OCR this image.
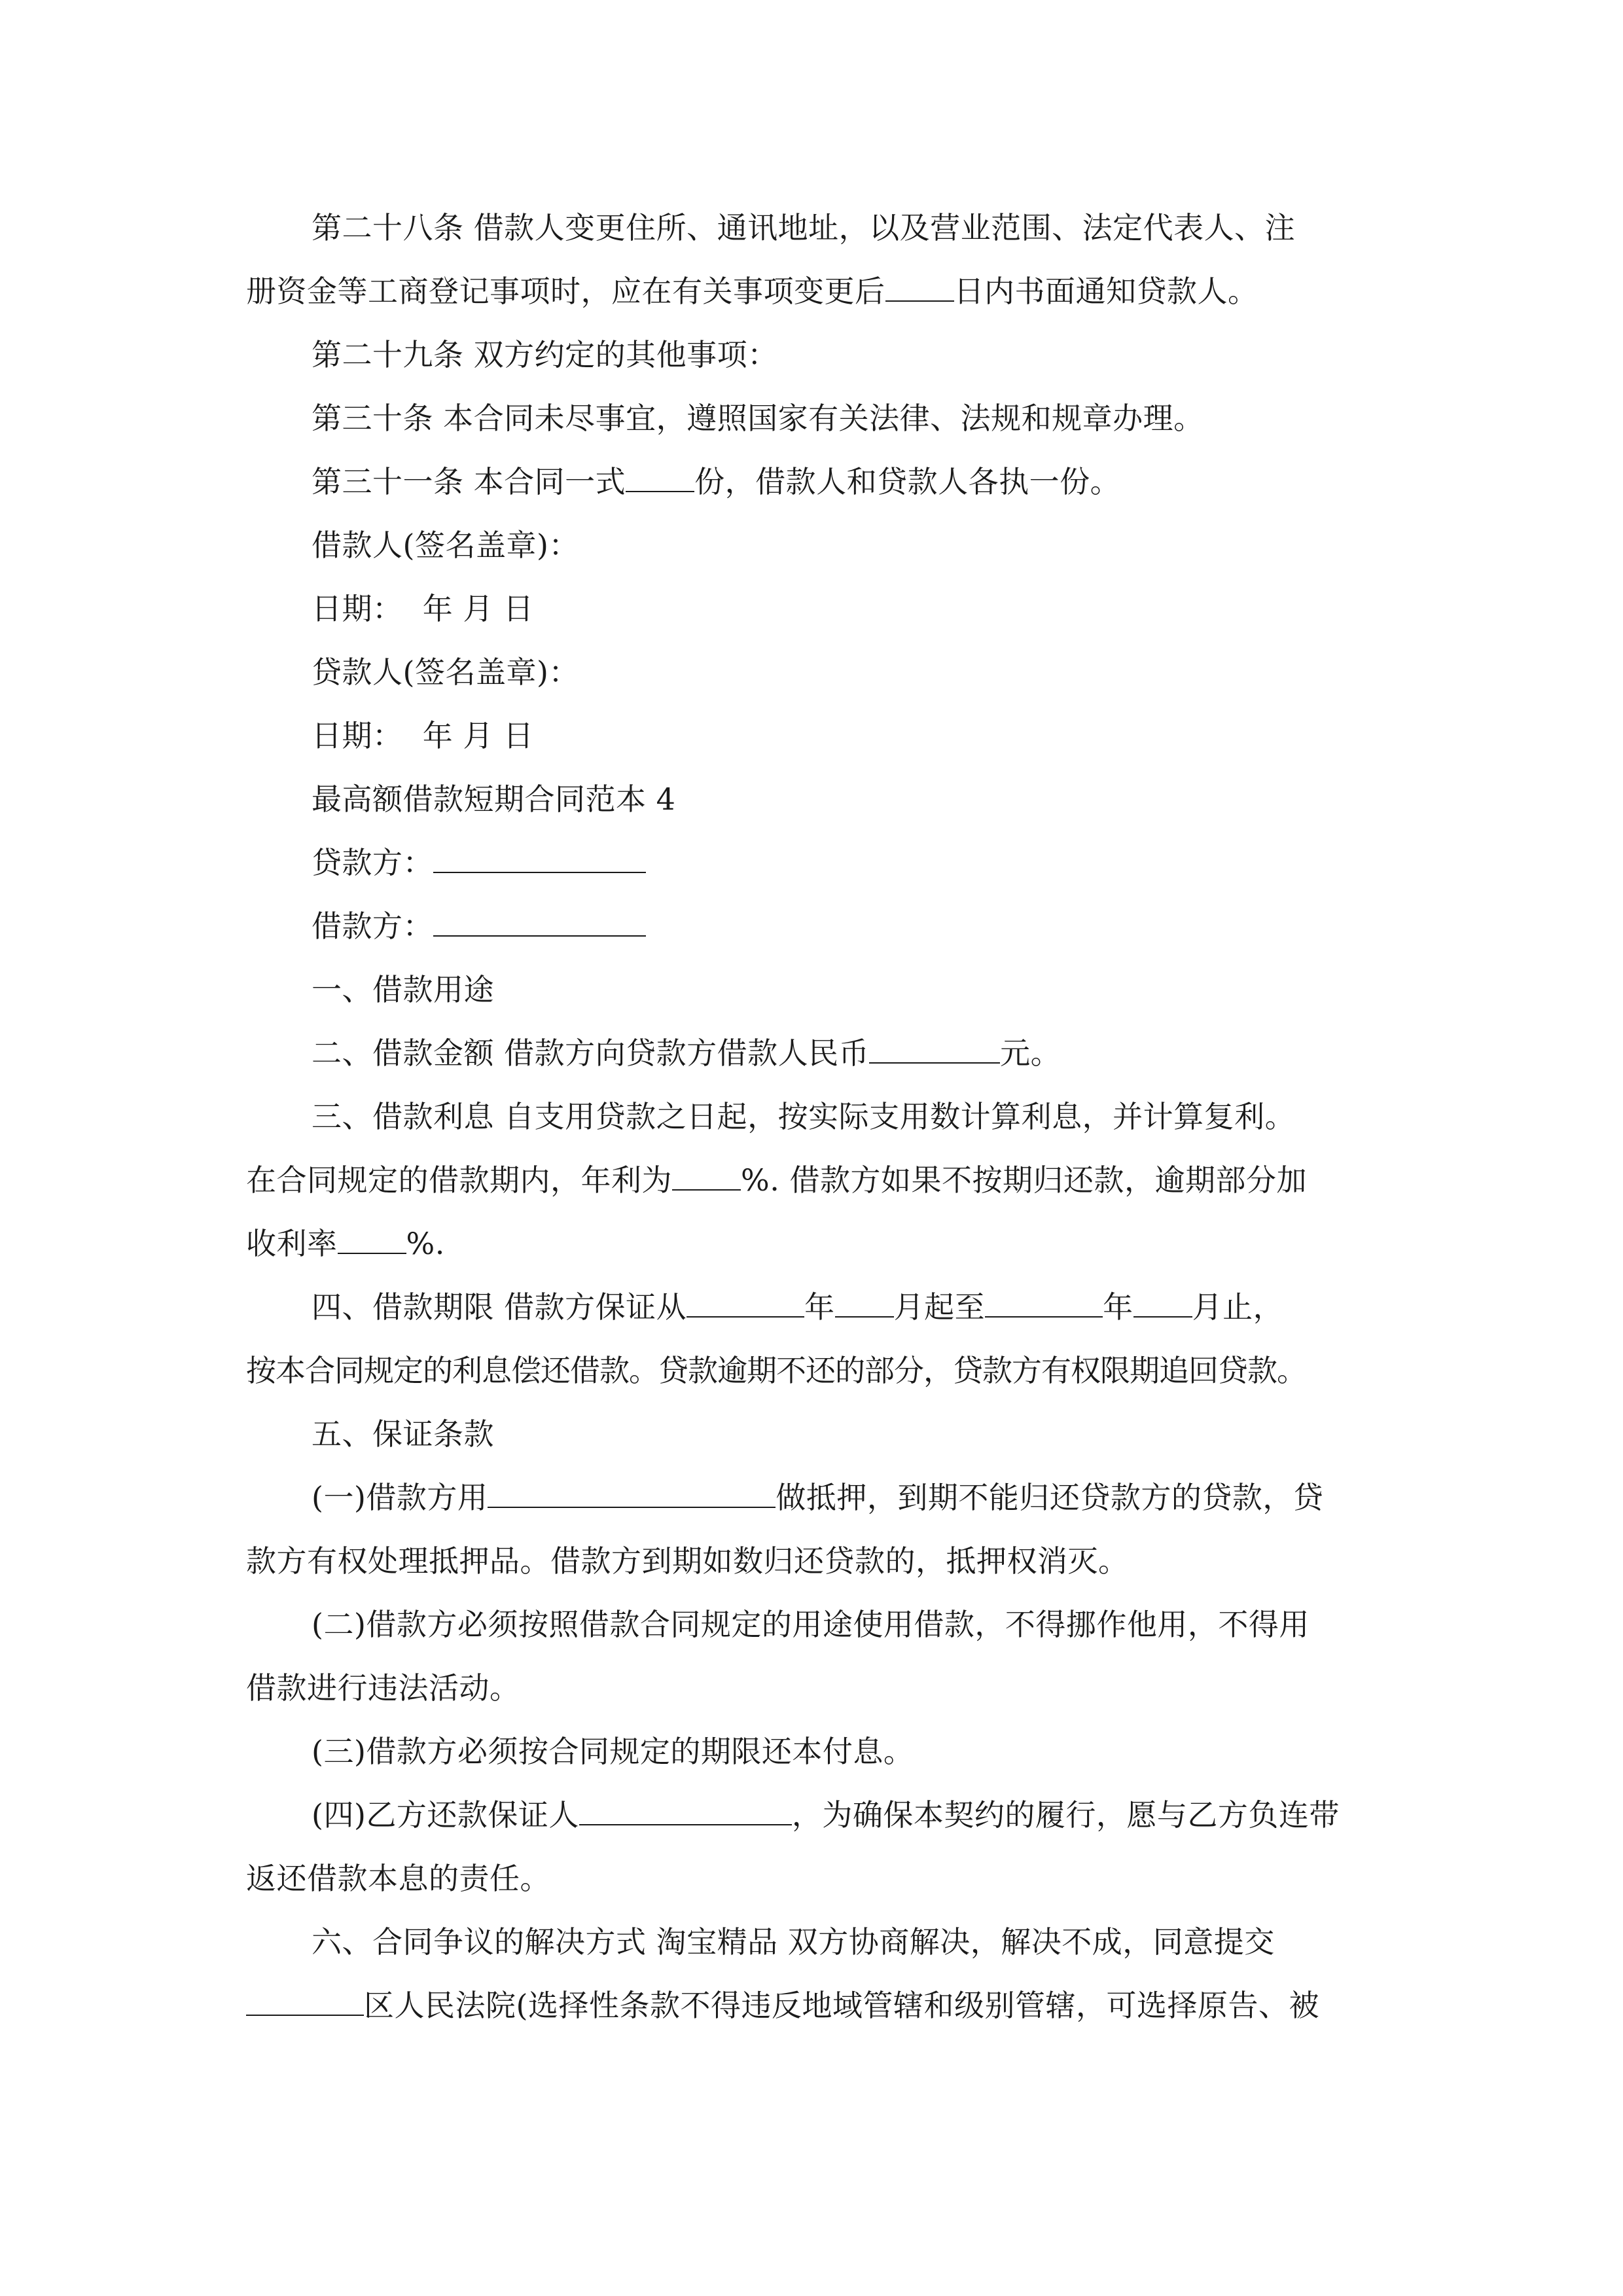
第二十八条 借款人变更住所、通讯地址，以及营业范围、法定代表人、注

册资金等工商登记事项时，应在有关事项变更后 日内书面通知贷款人。

第二十九条 双方约定的其他事项：

第三十条 本合同未尽事宜，遵照国家有关法律、法规和规章办理。

第三十一条 本合同一式 份，借款人和贷款人各执一份。

借款人(签名盖章)：

日期：  年 月 日

贷款人(签名盖章)：

日期：  年 月 日

最高额借款短期合同范本 4

贷款方：

借款方：

一、借款用途

二、借款金额 借款方向贷款方借款人民币	元。

三、借款利息 自支用贷款之日起，按实际支用数计算利息，并计算复利。

在合同规定的借款期内，年利为 %. 借款方如果不按期归还款，逾期部分加

收利率 %.

四、借款期限 借款方保证从	年 月起至	年 月止，

按本合同规定的利息偿还借款。贷款逾期不还的部分，贷款方有权限期追回贷款。

五、保证条款

(一)借款方用	做抵押，到期不能归还贷款方的贷款，贷

款方有权处理抵押品。借款方到期如数归还贷款的，抵押权消灭。

(二)借款方必须按照借款合同规定的用途使用借款，不得挪作他用，不得用

借款进行违法活动。

(三)借款方必须按合同规定的期限还本付息。

(四)乙方还款保证人	，为确保本契约的履行，愿与乙方负连带

返还借款本息的责任。

六、合同争议的解决方式 淘宝精品 双方协商解决，解决不成，同意提交

区人民法院(选择性条款不得违反地域管辖和级别管辖，可选择原告、被
